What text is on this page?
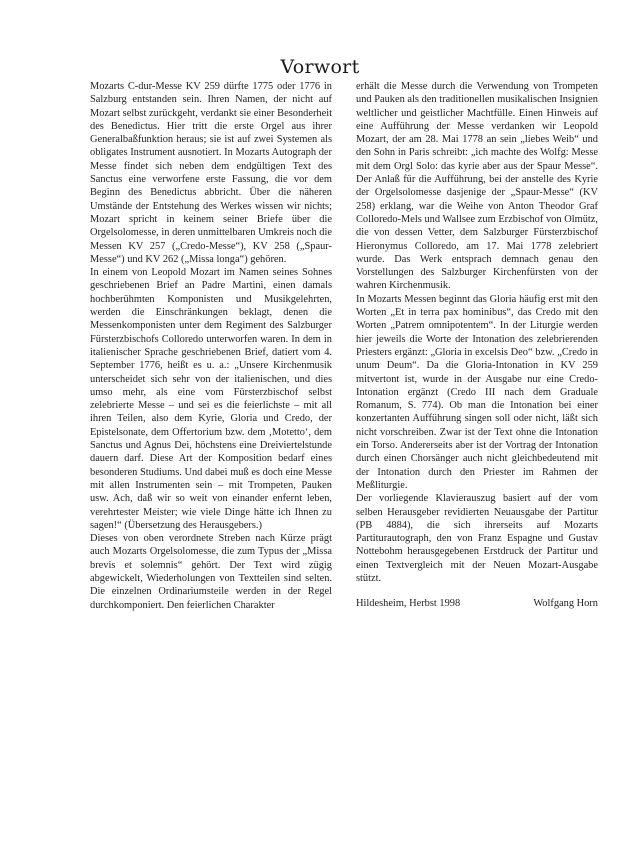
Vorwort

Mozarts C-dur-Messe KV 259 dürfte 1775 oder 1776 in Salzburg entstanden sein. Ihren Namen, der nicht auf Mozart selbst zurückgeht, verdankt sie einer Besonderheit des Benedictus. Hier tritt die erste Orgel aus ihrer Generalbaßfunktion heraus; sie ist auf zwei Systemen als obligates Instrument ausnotiert. In Mozarts Autograph der Messe findet sich neben dem endgültigen Text des Sanctus eine verworfene erste Fassung, die vor dem Beginn des Benedictus abbricht. Über die näheren Umstände der Entstehung des Werkes wissen wir nichts; Mozart spricht in keinem seiner Briefe über die Orgelsolomesse, in deren unmittelbaren Umkreis noch die Messen KV 257 („Credo-Messe“), KV 258 („Spaur-Messe“) und KV 262 („Missa longa“) gehören.

In einem von Leopold Mozart im Namen seines Sohnes geschriebenen Brief an Padre Martini, einen damals hochberühmten Komponisten und Musikgelehrten, werden die Einschränkungen beklagt, denen die Messenkomponisten unter dem Regiment des Salzburger Fürsterzbischofs Colloredo unterworfen waren. In dem in italienischer Sprache geschriebenen Brief, datiert vom 4. September 1776, heißt es u. a.: „Unsere Kirchenmusik unterscheidet sich sehr von der italienischen, und dies umso mehr, als eine vom Fürsterzbischof selbst zelebrierte Messe – und sei es die feierlichste – mit all ihren Teilen, also dem Kyrie, Gloria und Credo, der Epistelsonate, dem Offertorium bzw. dem ‚Motetto‘, dem Sanctus und Agnus Dei, höchstens eine Dreiviertelstunde dauern darf. Diese Art der Komposition bedarf eines besonderen Studiums. Und dabei muß es doch eine Messe mit allen Instrumenten sein – mit Trompeten, Pauken usw. Ach, daß wir so weit von einander enfernt leben, verehrtester Meister; wie viele Dinge hätte ich Ihnen zu sagen!“ (Übersetzung des Herausgebers.)

Dieses von oben verordnete Streben nach Kürze prägt auch Mozarts Orgelsolomesse, die zum Typus der „Missa brevis et solemnis“ gehört. Der Text wird zügig abgewickelt, Wiederholungen von Textteilen sind selten. Die einzelnen Ordinariumsteile werden in der Regel durchkomponiert. Den feierlichen Charakter

erhält die Messe durch die Verwendung von Trompeten und Pauken als den traditionellen musikalischen Insignien weltlicher und geistlicher Machtfülle. Einen Hinweis auf eine Aufführung der Messe verdanken wir Leopold Mozart, der am 28. Mai 1778 an sein „liebes Weib“ und den Sohn in Paris schreibt: „ich machte des Wolfg: Messe mit dem Orgl Solo: das kyrie aber aus der Spaur Messe“. Der Anlaß für die Aufführung, bei der anstelle des Kyrie der Orgelsolomesse dasjenige der „Spaur-Messe“ (KV 258) erklang, war die Weihe von Anton Theodor Graf Colloredo-Mels und Wallsee zum Erzbischof von Olmütz, die von dessen Vetter, dem Salzburger Fürsterzbischof Hieronymus Colloredo, am 17. Mai 1778 zelebriert wurde. Das Werk entsprach demnach genau den Vorstellungen des Salzburger Kirchenfürsten von der wahren Kirchenmusik.

In Mozarts Messen beginnt das Gloria häufig erst mit den Worten „Et in terra pax hominibus“, das Credo mit den Worten „Patrem omnipotentem“. In der Liturgie werden hier jeweils die Worte der Intonation des zelebrierenden Priesters ergänzt: „Gloria in excelsis Deo“ bzw. „Credo in unum Deum“. Da die Gloria-Intonation in KV 259 mitvertont ist, wurde in der Ausgabe nur eine Credo-Intonation ergänzt (Credo III nach dem Graduale Romanum, S. 774). Ob man die Intonation bei einer konzertanten Aufführung singen soll oder nicht, läßt sich nicht vorschreiben. Zwar ist der Text ohne die Intonation ein Torso. Andererseits aber ist der Vortrag der Intonation durch einen Chorsänger auch nicht gleichbedeutend mit der Intonation durch den Priester im Rahmen der Meßliturgie.

Der vorliegende Klavierauszug basiert auf der vom selben Herausgeber revidierten Neuausgabe der Partitur (PB 4884), die sich ihrerseits auf Mozarts Partiturautograph, den von Franz Espagne und Gustav Nottebohm herausgegebenen Erstdruck der Partitur und einen Textvergleich mit der Neuen Mozart-Ausgabe stützt.

Hildesheim, Herbst 1998	Wolfgang Horn
